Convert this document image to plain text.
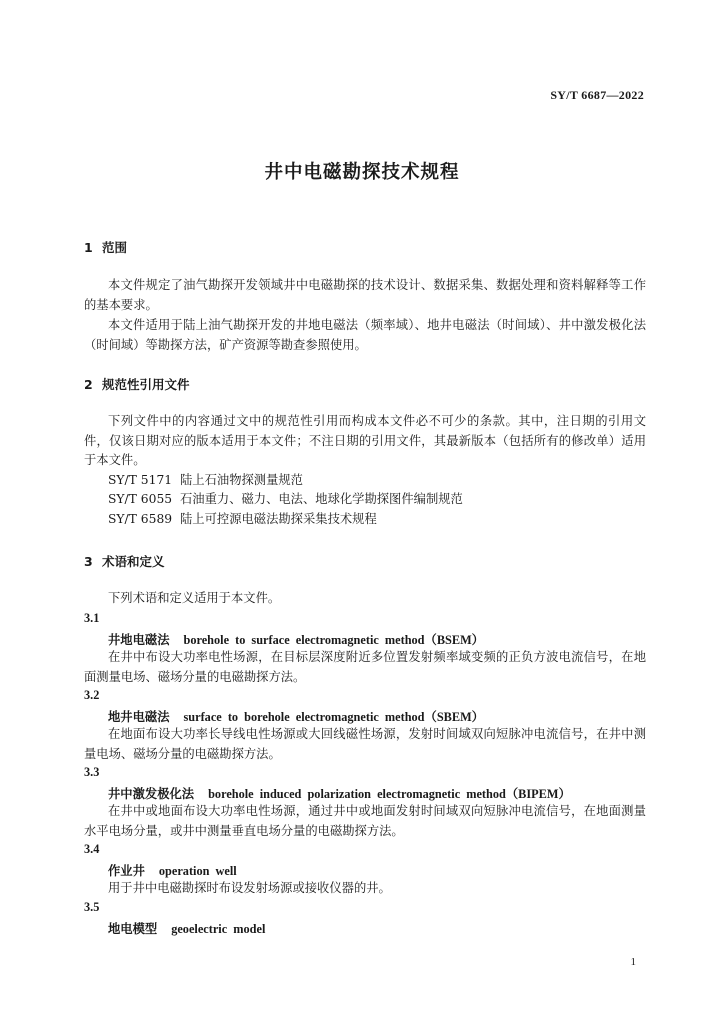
SY/T 6687—2022
井中电磁勘探技术规程
1 范围

本文件规定了油气勘探开发领域井中电磁勘探的技术设计、数据采集、数据处理和资料解释等工作的基本要求。

本文件适用于陆上油气勘探开发的井地电磁法（频率域）、地井电磁法（时间域）、井中激发极化法（时间域）等勘探方法，矿产资源等勘查参照使用。

2 规范性引用文件

下列文件中的内容通过文中的规范性引用而构成本文件必不可少的条款。其中，注日期的引用文件，仅该日期对应的版本适用于本文件；不注日期的引用文件，其最新版本（包括所有的修改单）适用于本文件。

SY/T 5171 陆上石油物探测量规范
SY/T 6055 石油重力、磁力、电法、地球化学勘探图件编制规范
SY/T 6589 陆上可控源电磁法勘探采集技术规程
3 术语和定义

下列术语和定义适用于本文件。

3.1
井地电磁法 borehole to surface electromagnetic method（BSEM）

在井中布设大功率电性场源，在目标层深度附近多位置发射频率域变频的正负方波电流信号，在地面测量电场、磁场分量的电磁勘探方法。

3.2
地井电磁法 surface to borehole electromagnetic method（SBEM）

在地面布设大功率长导线电性场源或大回线磁性场源，发射时间域双向短脉冲电流信号，在井中测量电场、磁场分量的电磁勘探方法。

3.3
井中激发极化法 borehole induced polarization electromagnetic method（BIPEM）

在井中或地面布设大功率电性场源，通过井中或地面发射时间域双向短脉冲电流信号，在地面测量水平电场分量，或井中测量垂直电场分量的电磁勘探方法。

3.4
作业井 operation well

用于井中电磁勘探时布设发射场源或接收仪器的井。

3.5
地电模型 geoelectric model
1
